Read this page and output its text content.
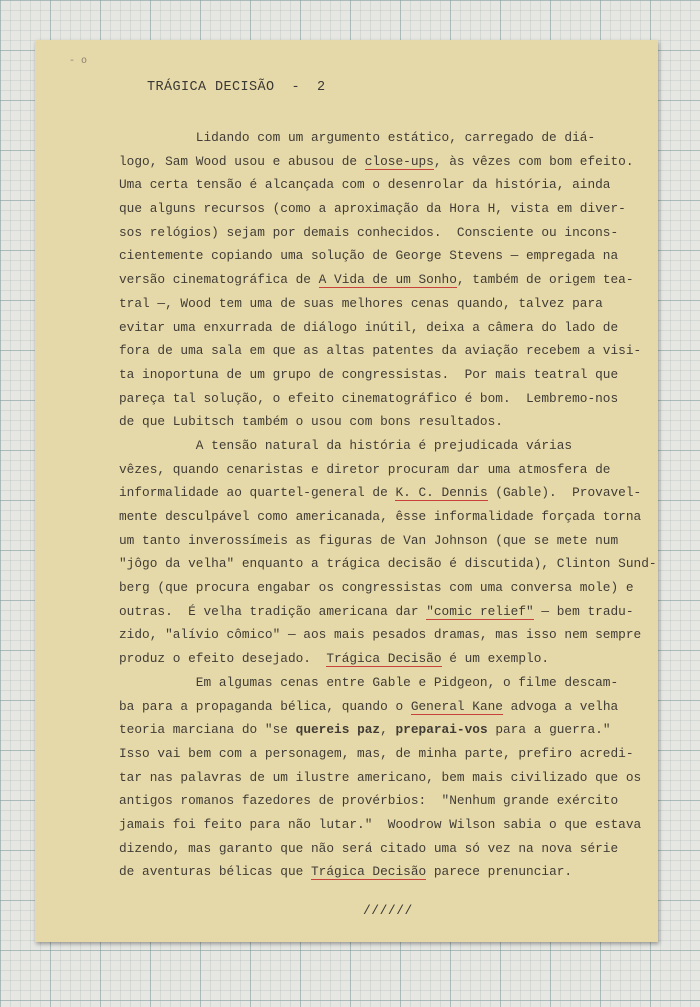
- o
TRÁGICA DECISÃO  -  2
Lidando com um argumento estático, carregado de diá-
logo, Sam Wood usou e abusou de close-ups, às vêzes com bom efeito.
Uma certa tensão é alcançada com o desenrolar da história, ainda
que alguns recursos (como a aproximação da Hora H, vista em diver-
sos relógios) sejam por demais conhecidos.  Consciente ou incons-
cientemente copiando uma solução de George Stevens — empregada na
versão cinematográfica de A Vida de um Sonho, também de origem tea-
tral —, Wood tem uma de suas melhores cenas quando, talvez para
evitar uma enxurrada de diálogo inútil, deixa a câmera do lado de
fora de uma sala em que as altas patentes da aviação recebem a visi-
ta inoportuna de um grupo de congressistas.  Por mais teatral que
pareça tal solução, o efeito cinematográfico é bom.  Lembremo-nos
de que Lubitsch também o usou com bons resultados.
A tensão natural da história é prejudicada várias
vêzes, quando cenaristas e diretor procuram dar uma atmosfera de
informalidade ao quartel-general de K. C. Dennis (Gable).  Provavel-
mente desculpável como americanada, êsse informalidade forçada torna
um tanto inverossímeis as figuras de Van Johnson (que se mete num
"jôgo da velha" enquanto a trágica decisão é discutida), Clinton Sund-
berg (que procura engabar os congressistas com uma conversa mole) e
outras.  É velha tradição americana dar "comic relief" — bem tradu-
zido, "alívio cômico" — aos mais pesados dramas, mas isso nem sempre
produz o efeito desejado.  Trágica Decisão é um exemplo.
Em algumas cenas entre Gable e Pidgeon, o filme descam-
ba para a propaganda bélica, quando o General Kane advoga a velha
teoria marciana do "se quereis paz, preparai-vos para a guerra."
Isso vai bem com a personagem, mas, de minha parte, prefiro acredi-
tar nas palavras de um ilustre americano, bem mais civilizado que os
antigos romanos fazedores de provérbios:  "Nenhum grande exército
jamais foi feito para não lutar."  Woodrow Wilson sabia o que estava
dizendo, mas garanto que não será citado uma só vez na nova série
de aventuras bélicas que Trágica Decisão parece prenunciar.
//////
